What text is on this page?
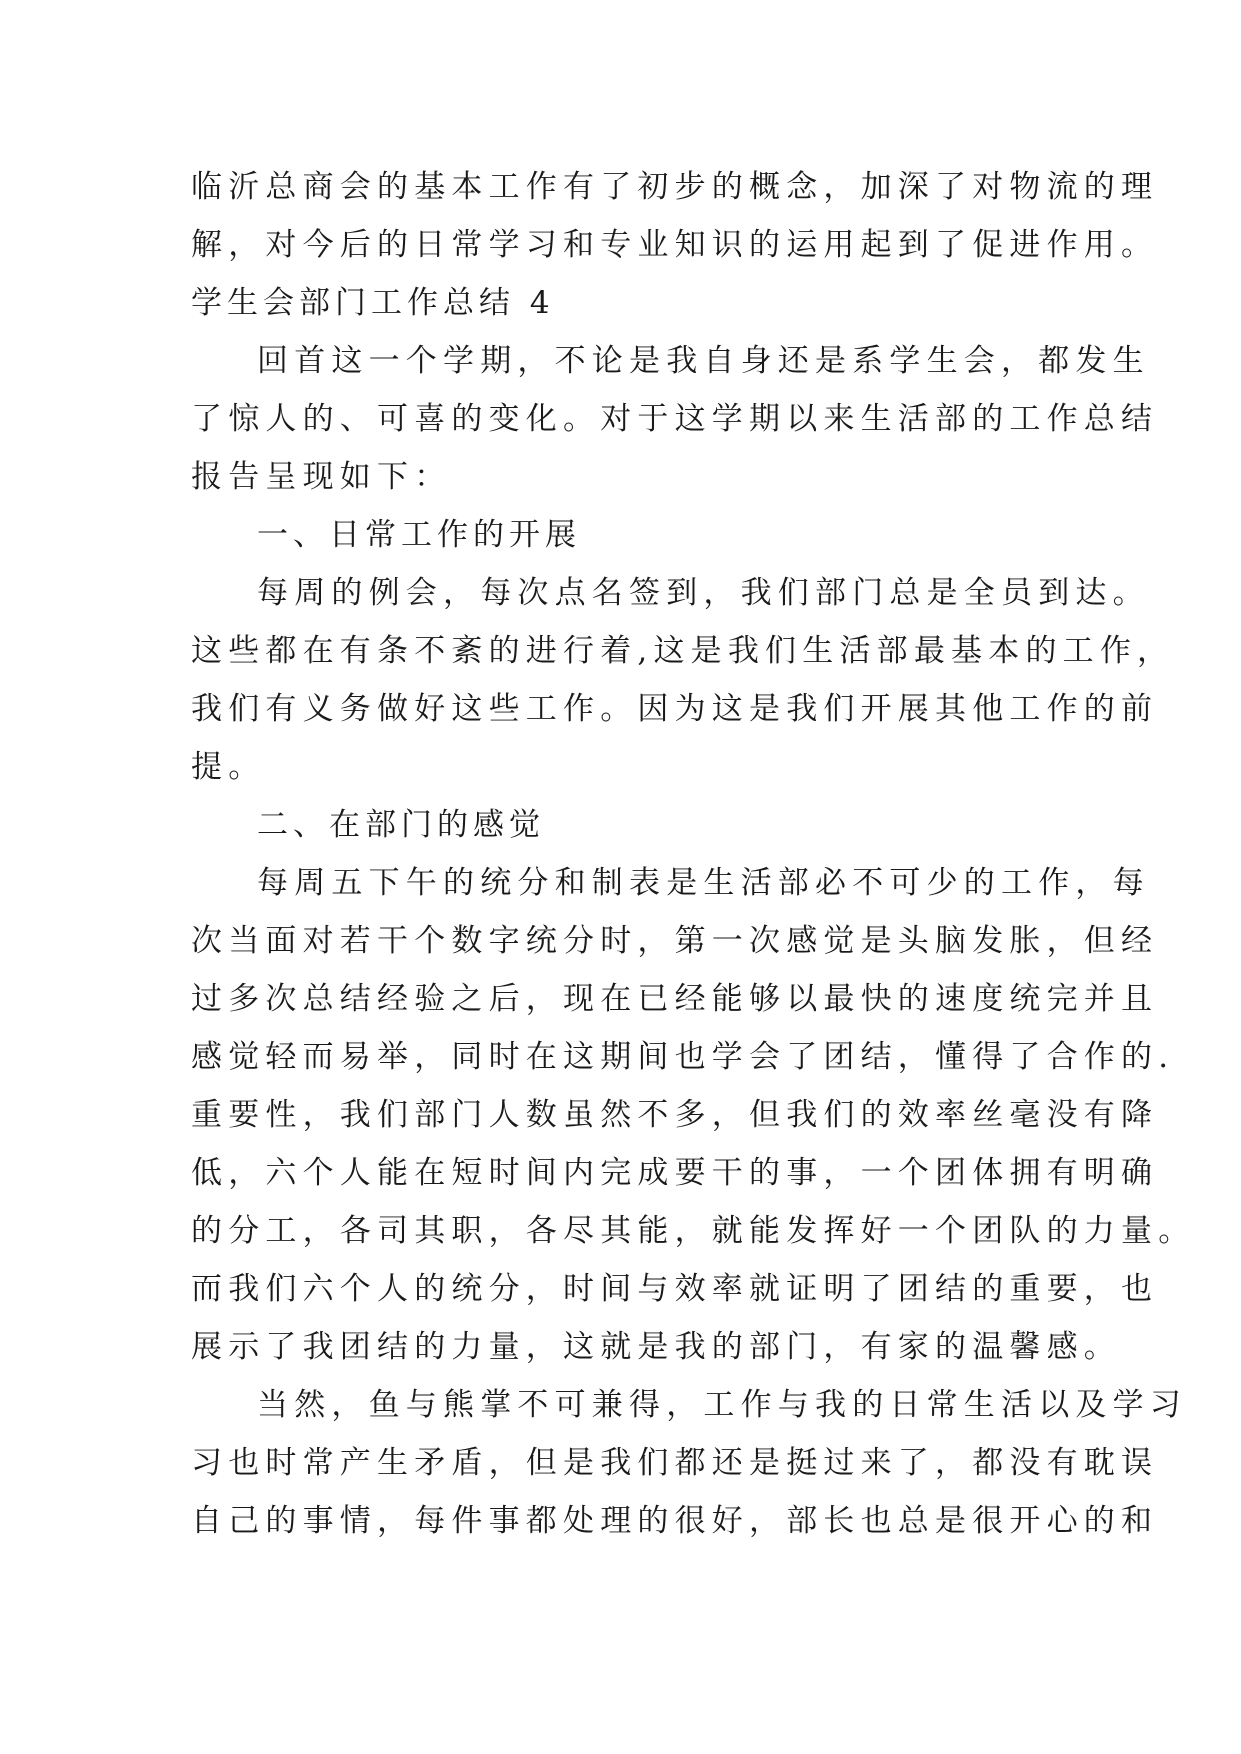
临沂总商会的基本工作有了初步的概念，加深了对物流的理
解，对今后的日常学习和专业知识的运用起到了促进作用。
学生会部门工作总结 4
回首这一个学期，不论是我自身还是系学生会，都发生
了惊人的、可喜的变化。对于这学期以来生活部的工作总结
报告呈现如下：
一、日常工作的开展
每周的例会，每次点名签到，我们部门总是全员到达。
这些都在有条不紊的进行着,这是我们生活部最基本的工作，
我们有义务做好这些工作。因为这是我们开展其他工作的前
提。
二、在部门的感觉
每周五下午的统分和制表是生活部必不可少的工作，每
次当面对若干个数字统分时，第一次感觉是头脑发胀，但经
过多次总结经验之后，现在已经能够以最快的速度统完并且
感觉轻而易举，同时在这期间也学会了团结，懂得了合作的.
重要性，我们部门人数虽然不多，但我们的效率丝毫没有降
低，六个人能在短时间内完成要干的事，一个团体拥有明确
的分工，各司其职，各尽其能，就能发挥好一个团队的力量。
而我们六个人的统分，时间与效率就证明了团结的重要，也
展示了我团结的力量，这就是我的部门，有家的温馨感。
当然，鱼与熊掌不可兼得，工作与我的日常生活以及学习
习也时常产生矛盾，但是我们都还是挺过来了，都没有耽误
自己的事情，每件事都处理的很好，部长也总是很开心的和
